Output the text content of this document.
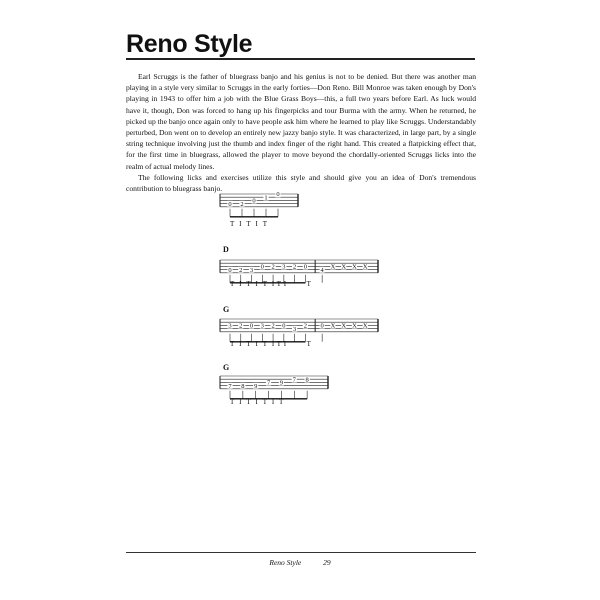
Reno Style

Earl Scruggs is the father of bluegrass banjo and his genius is not to be denied. But there was another man playing in a style very similar to Scruggs in the early forties—Don Reno. Bill Monroe was taken enough by Don's playing in 1943 to offer him a job with the Blue Grass Boys—this, a full two years before Earl. As luck would have it, though, Don was forced to hang up his fingerpicks and tour Burma with the army. When he returned, he picked up the banjo once again only to have people ask him where he learned to play like Scruggs. Understandably perturbed, Don went on to develop an entirely new jazzy banjo style. It was characterized, in large part, by a single string technique involving just the thumb and index finger of the right hand. This created a flatpicking effect that, for the first time in bluegrass, allowed the player to move beyond the chordally-oriented Scruggs licks into the realm of actual melody lines.

The following licks and exercises utilize this style and should give you an idea of Don's tremendous contribution to bluegrass banjo.

0 2 0 1 0
T  I  T  I  T
D
0 2 3 0 2 3 2 0 4 X X X X
T  I  T  I  T  I T I         T
G
3 2 0 3 2 0 3 2 0 X X X X
T  I  T  I  T  I T I         T
G
7 8 9 7 9 7 8
T  I  T  I  T  I  T
Reno Style	29
